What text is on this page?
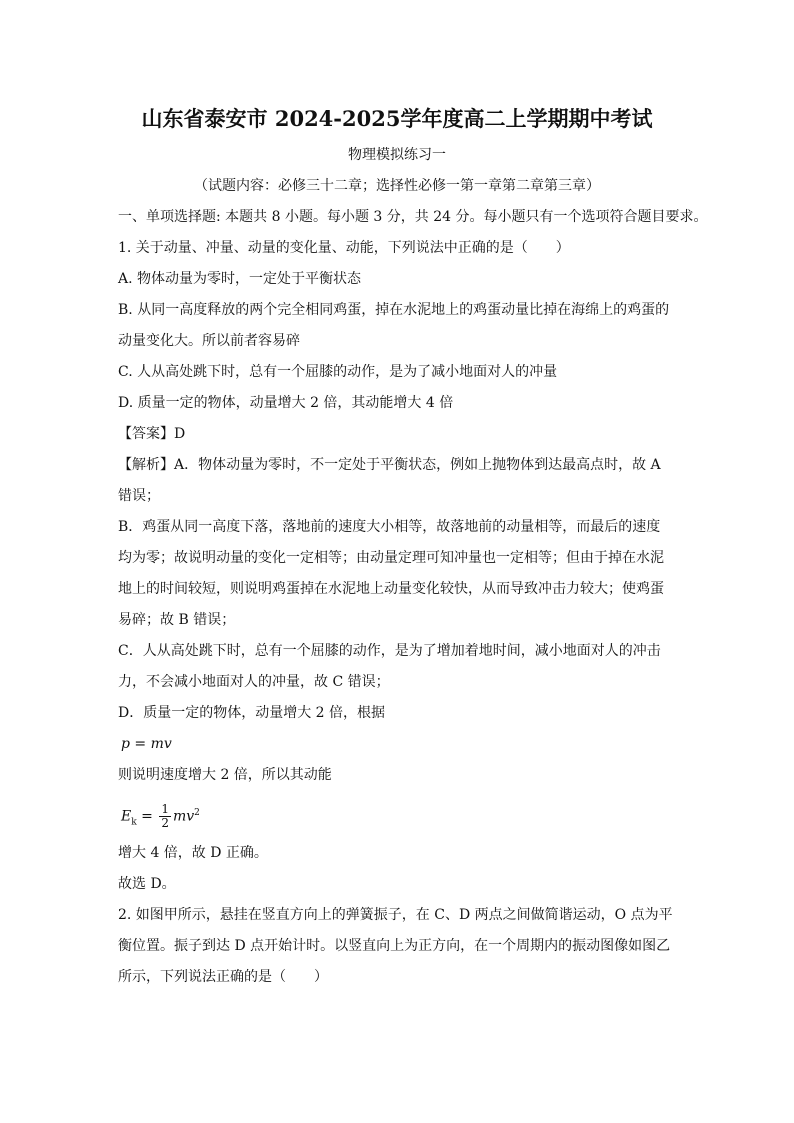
山东省泰安市 2024-2025学年度高二上学期期中考试
物理模拟练习一
（试题内容：必修三十二章；选择性必修一第一章第二章第三章）
一、单项选择题: 本题共 8 小题。每小题 3 分，共 24 分。每小题只有一个选项符合题目要求。
1. 关于动量、冲量、动量的变化量、动能，下列说法中正确的是（　　）
A. 物体动量为零时，一定处于平衡状态
B. 从同一高度释放的两个完全相同鸡蛋，掉在水泥地上的鸡蛋动量比掉在海绵上的鸡蛋的
动量变化大。所以前者容易碎
C. 人从高处跳下时，总有一个屈膝的动作，是为了减小地面对人的冲量
D. 质量一定的物体，动量增大 2 倍，其动能增大 4 倍
【答案】D
【解析】A．物体动量为零时，不一定处于平衡状态，例如上抛物体到达最高点时，故 A
错误；
B．鸡蛋从同一高度下落，落地前的速度大小相等，故落地前的动量相等，而最后的速度
均为零；故说明动量的变化一定相等；由动量定理可知冲量也一定相等；但由于掉在水泥
地上的时间较短，则说明鸡蛋掉在水泥地上动量变化较快，从而导致冲击力较大；使鸡蛋
易碎；故 B 错误；
C．人从高处跳下时，总有一个屈膝的动作，是为了增加着地时间，减小地面对人的冲击
力，不会减小地面对人的冲量，故 C 错误；
D．质量一定的物体，动量增大 2 倍，根据
p = mv
则说明速度增大 2 倍，所以其动能
$E_k = \frac{1}{2} mv^2$
增大 4 倍，故 D 正确。
故选 D。
2. 如图甲所示，悬挂在竖直方向上的弹簧振子，在 C、D 两点之间做简谐运动，O 点为平
衡位置。振子到达 D 点开始计时。以竖直向上为正方向，在一个周期内的振动图像如图乙
所示，下列说法正确的是（　　）
